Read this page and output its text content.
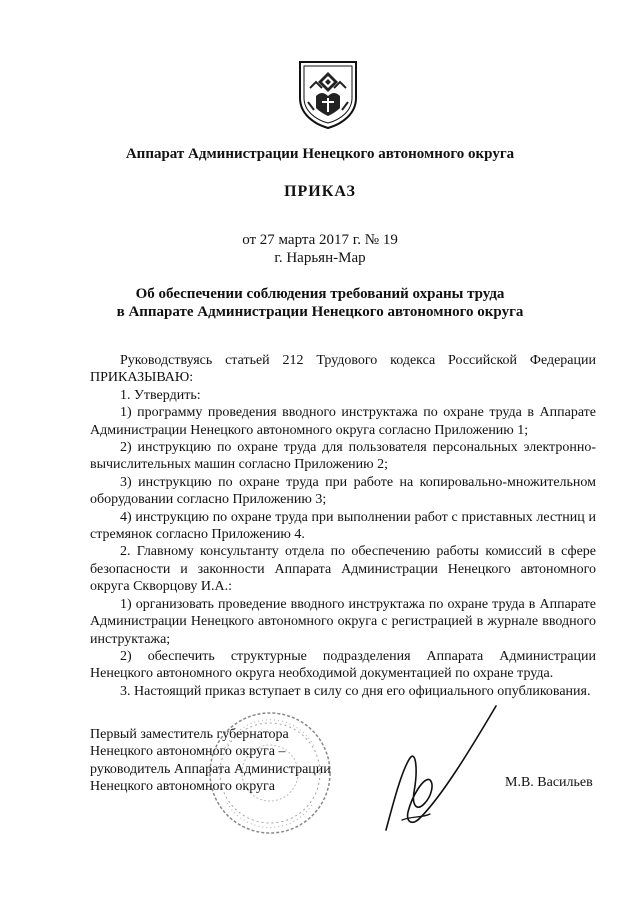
Аппарат Администрации Ненецкого автономного округа
ПРИКАЗ
от 27 марта 2017 г. № 19
г. Нарьян-Мар
Об обеспечении соблюдения требований охраны труда
в Аппарате Администрации Ненецкого автономного округа

Руководствуясь статьей 212 Трудового кодекса Российской Федерации ПРИКАЗЫВАЮ:

1. Утвердить:

1) программу проведения вводного инструктажа по охране труда в Аппарате Администрации Ненецкого автономного округа согласно Приложению 1;

2) инструкцию по охране труда для пользователя персональных электронно-вычислительных машин согласно Приложению 2;

3) инструкцию по охране труда при работе на копировально-множительном оборудовании согласно Приложению 3;

4) инструкцию по охране труда при выполнении работ с приставных лестниц и стремянок согласно Приложению 4.

2. Главному консультанту отдела по обеспечению работы комиссий в сфере безопасности и законности Аппарата Администрации Ненецкого автономного округа Скворцову И.А.:

1) организовать проведение вводного инструктажа по охране труда в Аппарате Администрации Ненецкого автономного округа с регистрацией в журнале вводного инструктажа;

2) обеспечить структурные подразделения Аппарата Администрации Ненецкого автономного округа необходимой документацией по охране труда.

3. Настоящий приказ вступает в силу со дня его официального опубликования.

Первый заместитель губернатора
Ненецкого автономного округа –
руководитель Аппарата Администрации
Ненецкого автономного округа	М.В. Васильев
